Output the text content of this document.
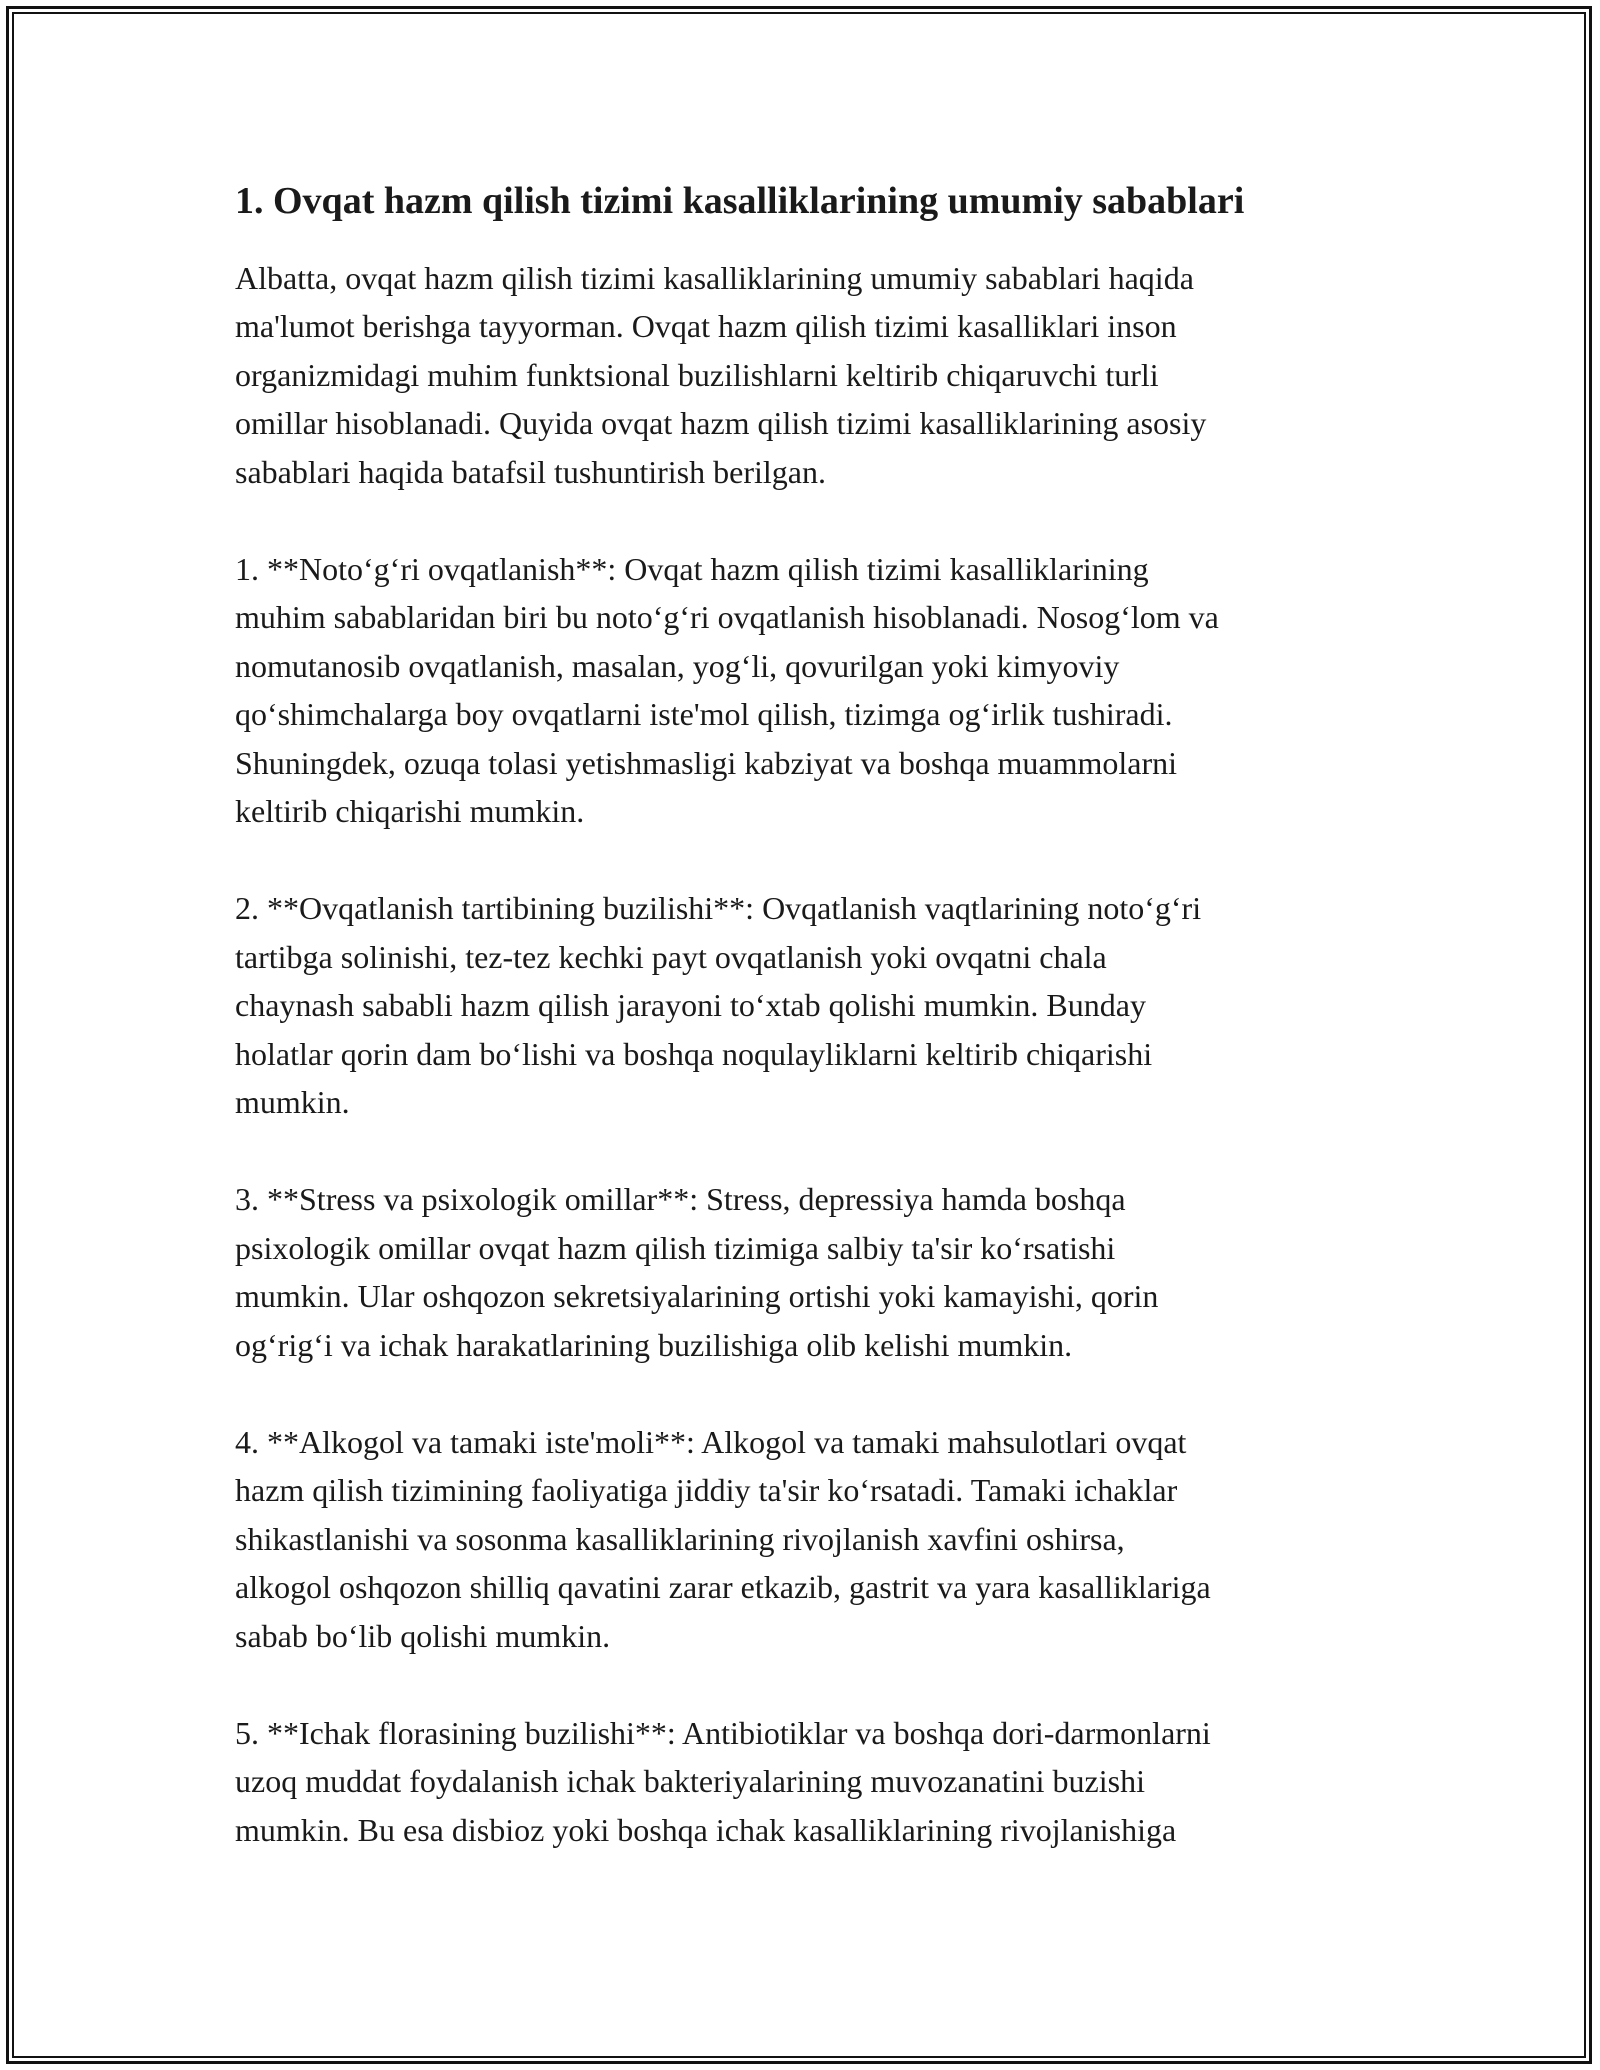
1. Ovqat hazm qilish tizimi kasalliklarining umumiy sabablari

Albatta, ovqat hazm qilish tizimi kasalliklarining umumiy sabablari haqida
ma'lumot berishga tayyorman. Ovqat hazm qilish tizimi kasalliklari inson
organizmidagi muhim funktsional buzilishlarni keltirib chiqaruvchi turli
omillar hisoblanadi. Quyida ovqat hazm qilish tizimi kasalliklarining asosiy
sabablari haqida batafsil tushuntirish berilgan.

1. **Noto‘g‘ri ovqatlanish**: Ovqat hazm qilish tizimi kasalliklarining
muhim sabablaridan biri bu noto‘g‘ri ovqatlanish hisoblanadi. Nosog‘lom va
nomutanosib ovqatlanish, masalan, yog‘li, qovurilgan yoki kimyoviy
qo‘shimchalarga boy ovqatlarni iste'mol qilish, tizimga og‘irlik tushiradi.
Shuningdek, ozuqa tolasi yetishmasligi kabziyat va boshqa muammolarni
keltirib chiqarishi mumkin.

2. **Ovqatlanish tartibining buzilishi**: Ovqatlanish vaqtlarining noto‘g‘ri
tartibga solinishi, tez-tez kechki payt ovqatlanish yoki ovqatni chala
chaynash sababli hazm qilish jarayoni to‘xtab qolishi mumkin. Bunday
holatlar qorin dam bo‘lishi va boshqa noqulayliklarni keltirib chiqarishi
mumkin.

3. **Stress va psixologik omillar**: Stress, depressiya hamda boshqa
psixologik omillar ovqat hazm qilish tizimiga salbiy ta'sir ko‘rsatishi
mumkin. Ular oshqozon sekretsiyalarining ortishi yoki kamayishi, qorin
og‘rig‘i va ichak harakatlarining buzilishiga olib kelishi mumkin.

4. **Alkogol va tamaki iste'moli**: Alkogol va tamaki mahsulotlari ovqat
hazm qilish tizimining faoliyatiga jiddiy ta'sir ko‘rsatadi. Tamaki ichaklar
shikastlanishi va sosonma kasalliklarining rivojlanish xavfini oshirsa,
alkogol oshqozon shilliq qavatini zarar etkazib, gastrit va yara kasalliklariga
sabab bo‘lib qolishi mumkin.

5. **Ichak florasining buzilishi**: Antibiotiklar va boshqa dori-darmonlarni
uzoq muddat foydalanish ichak bakteriyalarining muvozanatini buzishi
mumkin. Bu esa disbioz yoki boshqa ichak kasalliklarining rivojlanishiga
